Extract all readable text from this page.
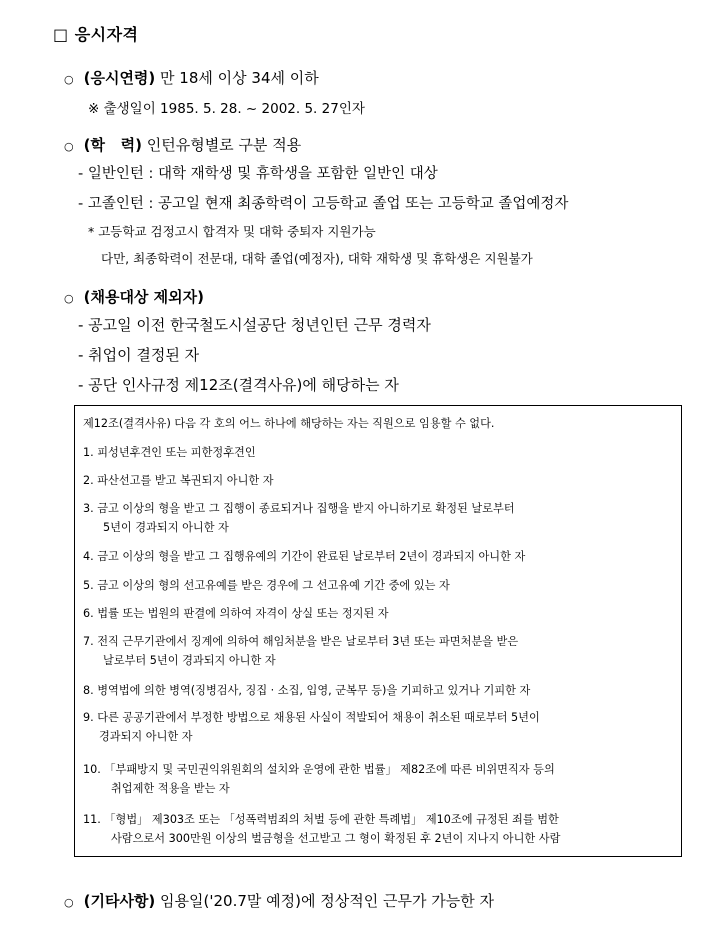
□ 응시자격
○ (응시연령) 만 18세 이상 34세 이하
※ 출생일이 1985. 5. 28. ~ 2002. 5. 27인자
○ (학   력) 인턴유형별로 구분 적용
- 일반인턴 : 대학 재학생 및 휴학생을 포함한 일반인 대상
- 고졸인턴 : 공고일 현재 최종학력이 고등학교 졸업 또는 고등학교 졸업예정자
* 고등학교 검정고시 합격자 및 대학 중퇴자 지원가능
다만, 최종학력이 전문대, 대학 졸업(예정자), 대학 재학생 및 휴학생은 지원불가
○ (채용대상 제외자)
- 공고일 이전 한국철도시설공단 청년인턴 근무 경력자
- 취업이 결정된 자
- 공단 인사규정 제12조(결격사유)에 해당하는 자
제12조(결격사유) 다음 각 호의 어느 하나에 해당하는 자는 직원으로 임용할 수 없다.
1. 피성년후견인 또는 피한정후견인
2. 파산선고를 받고 복권되지 아니한 자
3. 금고 이상의 형을 받고 그 집행이 종료되거나 집행을 받지 아니하기로 확정된 날로부터
5년이 경과되지 아니한 자
4. 금고 이상의 형을 받고 그 집행유예의 기간이 완료된 날로부터 2년이 경과되지 아니한 자
5. 금고 이상의 형의 선고유예를 받은 경우에 그 선고유예 기간 중에 있는 자
6. 법률 또는 법원의 판결에 의하여 자격이 상실 또는 정지된 자
7. 전직 근무기관에서 징계에 의하여 해임처분을 받은 날로부터 3년 또는 파면처분을 받은
날로부터 5년이 경과되지 아니한 자
8. 병역법에 의한 병역(징병검사, 징집 · 소집, 입영, 군복무 등)을 기피하고 있거나 기피한 자
9. 다른 공공기관에서 부정한 방법으로 채용된 사실이 적발되어 채용이 취소된 때로부터 5년이
경과되지 아니한 자
10. 「부패방지 및 국민권익위원회의 설치와 운영에 관한 법률」 제82조에 따른 비위면직자 등의
취업제한 적용을 받는 자
11. 「형법」 제303조 또는 「성폭력범죄의 처벌 등에 관한 특례법」 제10조에 규정된 죄를 범한
사람으로서 300만원 이상의 벌금형을 선고받고 그 형이 확정된 후 2년이 지나지 아니한 사람
○ (기타사항) 임용일('20.7말 예정)에 정상적인 근무가 가능한 자
